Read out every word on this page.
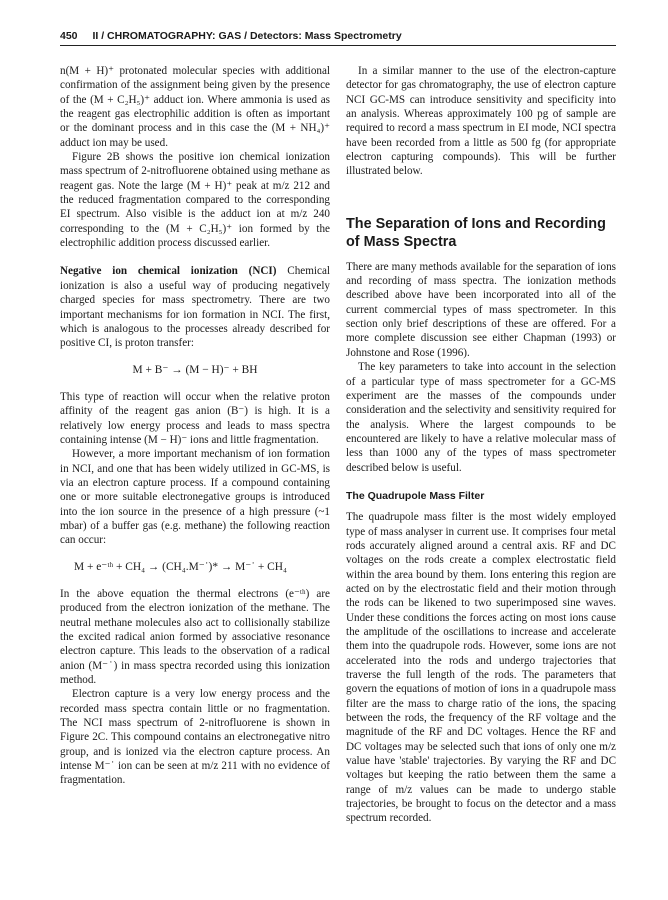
450 II / CHROMATOGRAPHY: GAS / Detectors: Mass Spectrometry

n(M + H)⁺ protonated molecular species with additional confirmation of the assignment being given by the presence of the (M + C₂H₅)⁺ adduct ion. Where ammonia is used as the reagent gas electrophilic addition is often as important or the dominant process and in this case the (M + NH₄)⁺ adduct ion may be used.

Figure 2B shows the positive ion chemical ionization mass spectrum of 2-nitrofluorene obtained using methane as reagent gas. Note the large (M + H)⁺ peak at m/z 212 and the reduced fragmentation compared to the corresponding EI spectrum. Also visible is the adduct ion at m/z 240 corresponding to the (M + C₂H₅)⁺ ion formed by the electrophilic addition process discussed earlier.

Negative ion chemical ionization (NCI) Chemical ionization is also a useful way of producing negatively charged species for mass spectrometry. There are two important mechanisms for ion formation in NCI. The first, which is analogous to the processes already described for positive CI, is proton transfer:

M + B⁻ → (M − H)⁻ + BH

This type of reaction will occur when the relative proton affinity of the reagent gas anion (B⁻) is high. It is a relatively low energy process and leads to mass spectra containing intense (M − H)⁻ ions and little fragmentation.

However, a more important mechanism of ion formation in NCI, and one that has been widely utilized in GC-MS, is via an electron capture process. If a compound containing one or more suitable electronegative groups is introduced into the ion source in the presence of a high pressure (~1 mbar) of a buffer gas (e.g. methane) the following reaction can occur:

M + e⁻ᵗʰ + CH₄ → (CH₄.M⁻˙)* → M⁻˙ + CH₄

In the above equation the thermal electrons (e⁻ᵗʰ) are produced from the electron ionization of the methane. The neutral methane molecules also act to collisionally stabilize the excited radical anion formed by associative resonance electron capture. This leads to the observation of a radical anion (M⁻˙) in mass spectra recorded using this ionization method.

Electron capture is a very low energy process and the recorded mass spectra contain little or no fragmentation. The NCI mass spectrum of 2-nitrofluorene is shown in Figure 2C. This compound contains an electronegative nitro group, and is ionized via the electron capture process. An intense M⁻˙ ion can be seen at m/z 211 with no evidence of fragmentation.

In a similar manner to the use of the electron-capture detector for gas chromatography, the use of electron capture NCI GC-MS can introduce sensitivity and specificity into an analysis. Whereas approximately 100 pg of sample are required to record a mass spectrum in EI mode, NCI spectra have been recorded from a little as 500 fg (for appropriate electron capturing compounds). This will be further illustrated below.

The Separation of Ions and Recording of Mass Spectra

There are many methods available for the separation of ions and recording of mass spectra. The ionization methods described above have been incorporated into all of the current commercial types of mass spectrometer. In this section only brief descriptions of these are offered. For a more complete discussion see either Chapman (1993) or Johnstone and Rose (1996).

The key parameters to take into account in the selection of a particular type of mass spectrometer for a GC-MS experiment are the masses of the compounds under consideration and the selectivity and sensitivity required for the analysis. Where the largest compounds to be encountered are likely to have a relative molecular mass of less than 1000 any of the types of mass spectrometer described below is useful.

The Quadrupole Mass Filter

The quadrupole mass filter is the most widely employed type of mass analyser in current use. It comprises four metal rods accurately aligned around a central axis. RF and DC voltages on the rods create a complex electrostatic field within the area bound by them. Ions entering this region are acted on by the electrostatic field and their motion through the rods can be likened to two superimposed sine waves. Under these conditions the forces acting on most ions cause the amplitude of the oscillations to increase and accelerate them into the quadrupole rods. However, some ions are not accelerated into the rods and undergo trajectories that traverse the full length of the rods. The parameters that govern the equations of motion of ions in a quadrupole mass filter are the mass to charge ratio of the ions, the spacing between the rods, the frequency of the RF voltage and the magnitude of the RF and DC voltages. Hence the RF and DC voltages may be selected such that ions of only one m/z value have 'stable' trajectories. By varying the RF and DC voltages but keeping the ratio between them the same a range of m/z values can be made to undergo stable trajectories, be brought to focus on the detector and a mass spectrum recorded.
